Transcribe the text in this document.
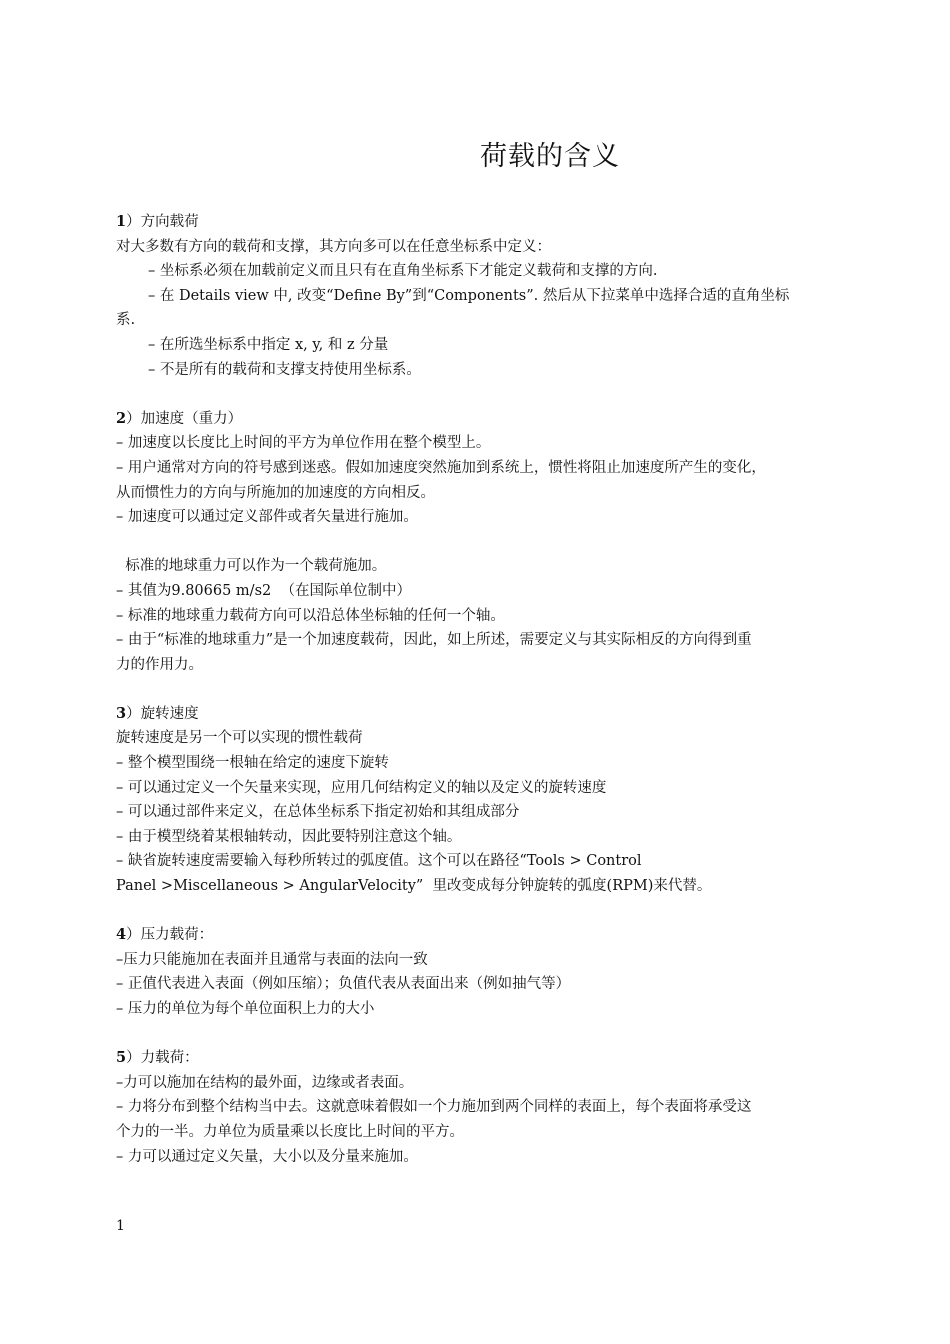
荷载的含义

1）方向载荷

对大多数有方向的载荷和支撑，其方向多可以在任意坐标系中定义：

– 坐标系必须在加载前定义而且只有在直角坐标系下才能定义载荷和支撑的方向.

– 在 Details view 中, 改变“Define By”到“Components”. 然后从下拉菜单中选择合适的直角坐标

系.

– 在所选坐标系中指定 x, y, 和 z 分量

– 不是所有的载荷和支撑支持使用坐标系。

2）加速度（重力）

– 加速度以长度比上时间的平方为单位作用在整个模型上。

– 用户通常对方向的符号感到迷惑。假如加速度突然施加到系统上，惯性将阻止加速度所产生的变化，

从而惯性力的方向与所施加的加速度的方向相反。

– 加速度可以通过定义部件或者矢量进行施加。

标准的地球重力可以作为一个载荷施加。

– 其值为9.80665 m/s2  （在国际单位制中）

– 标准的地球重力载荷方向可以沿总体坐标轴的任何一个轴。

– 由于“标准的地球重力”是一个加速度载荷，因此，如上所述，需要定义与其实际相反的方向得到重

力的作用力。

3）旋转速度

旋转速度是另一个可以实现的惯性载荷

– 整个模型围绕一根轴在给定的速度下旋转

– 可以通过定义一个矢量来实现，应用几何结构定义的轴以及定义的旋转速度

– 可以通过部件来定义，在总体坐标系下指定初始和其组成部分

– 由于模型绕着某根轴转动，因此要特别注意这个轴。

– 缺省旋转速度需要输入每秒所转过的弧度值。这个可以在路径“Tools > Control

Panel >Miscellaneous > AngularVelocity”  里改变成每分钟旋转的弧度(RPM)来代替。

4）压力载荷：

–压力只能施加在表面并且通常与表面的法向一致

– 正值代表进入表面（例如压缩）；负值代表从表面出来（例如抽气等）

– 压力的单位为每个单位面积上力的大小

5）力载荷：

–力可以施加在结构的最外面，边缘或者表面。

– 力将分布到整个结构当中去。这就意味着假如一个力施加到两个同样的表面上，每个表面将承受这

个力的一半。力单位为质量乘以长度比上时间的平方。

– 力可以通过定义矢量，大小以及分量来施加。

1
